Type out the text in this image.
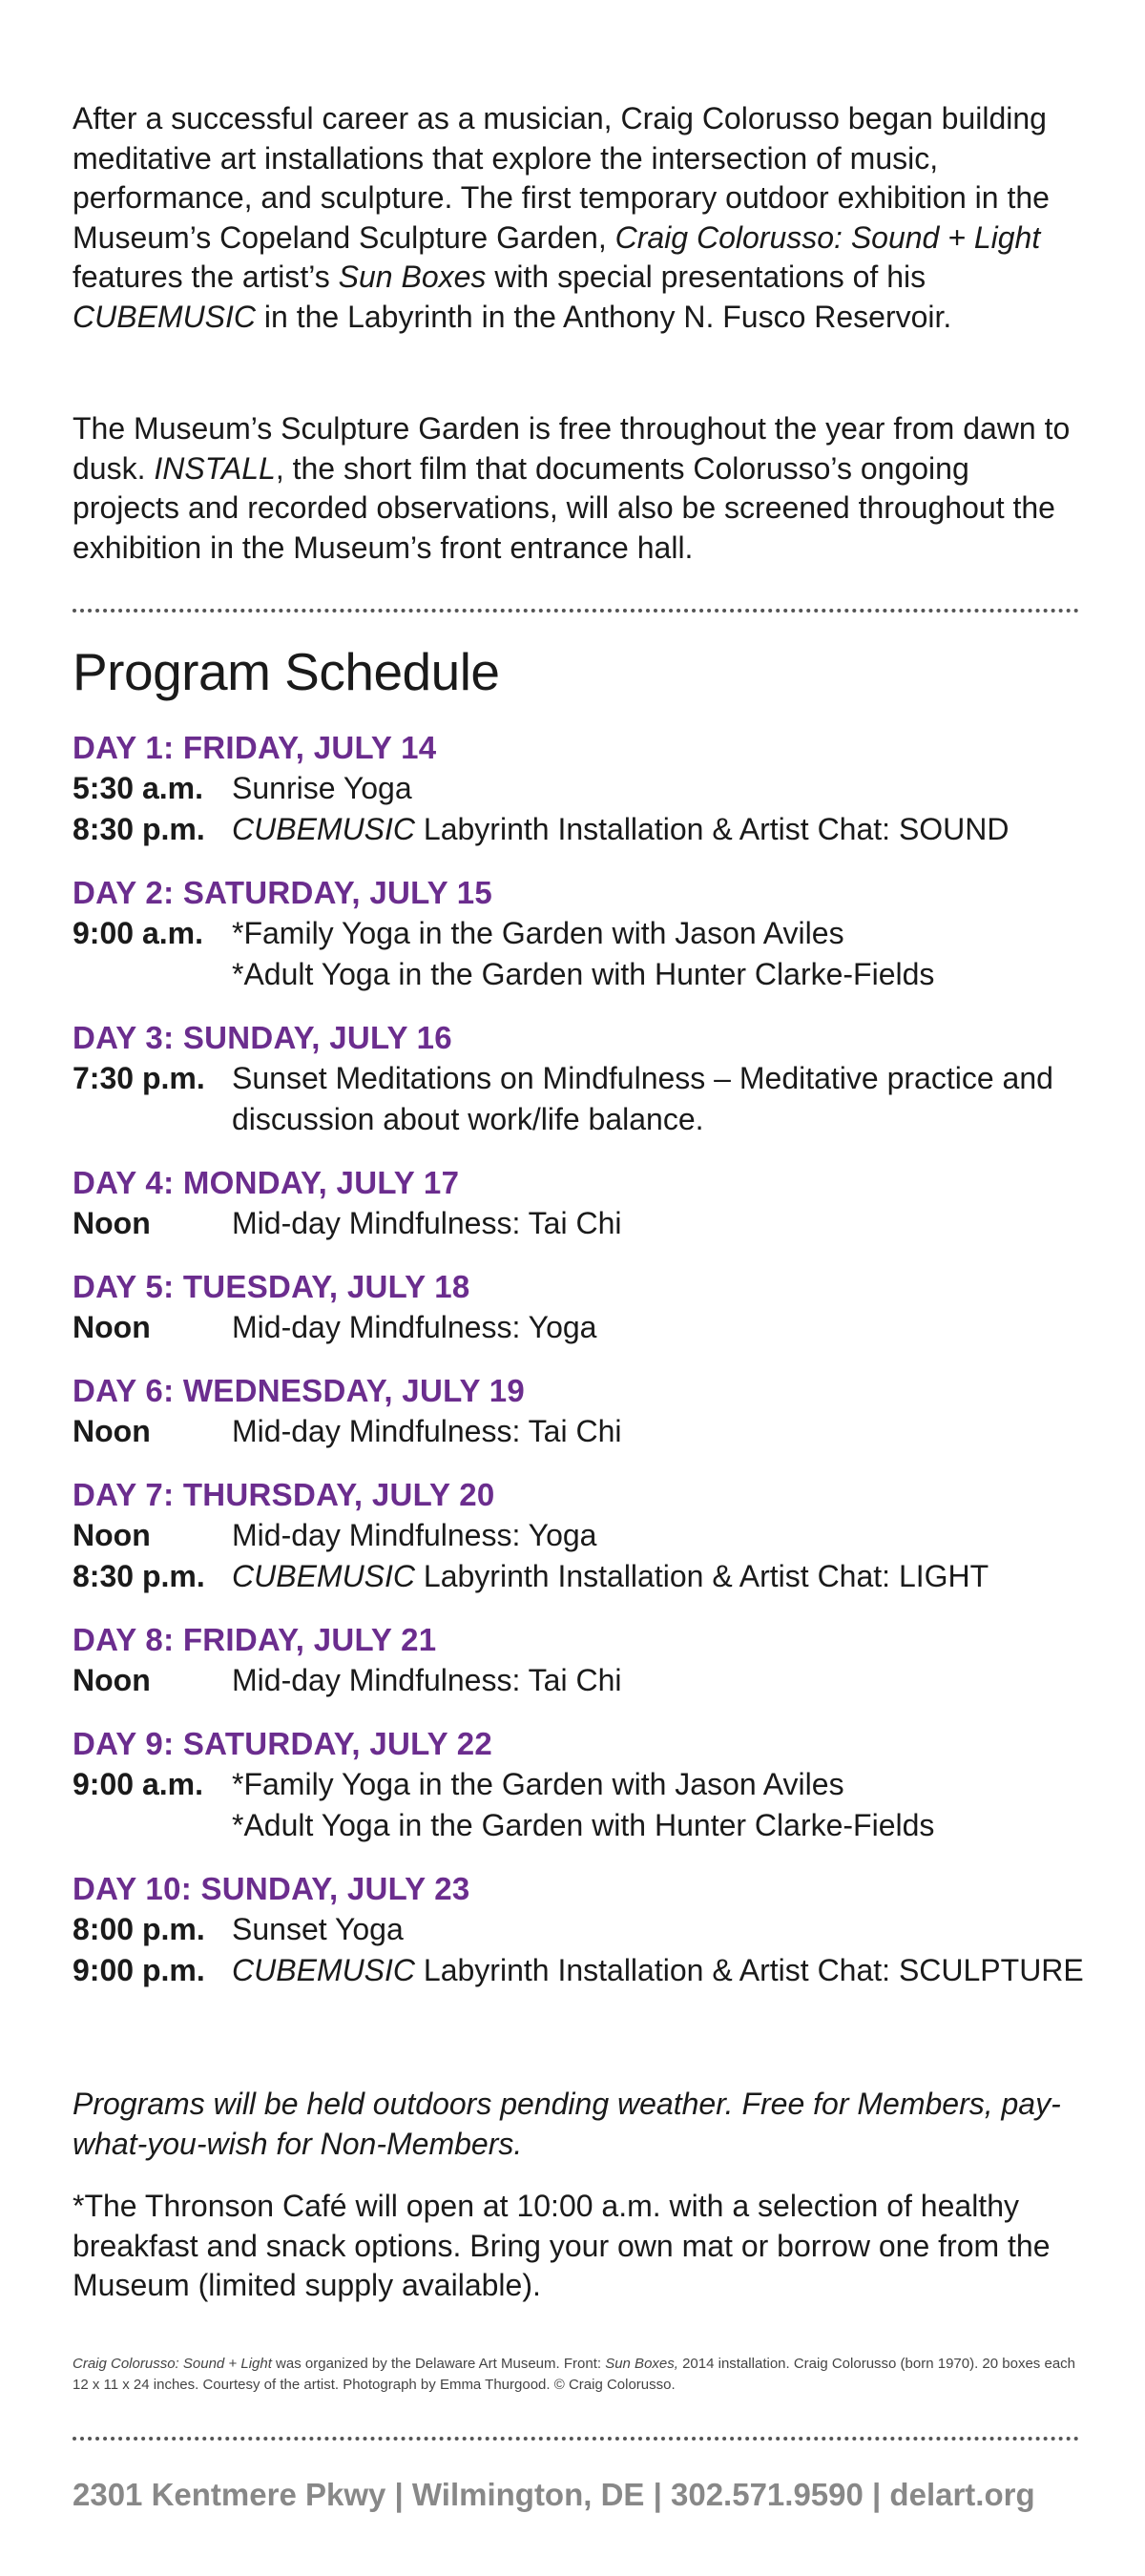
After a successful career as a musician, Craig Colorusso began building meditative art installations that explore the intersection of music, performance, and sculpture. The first temporary outdoor exhibition in the Museum’s Copeland Sculpture Garden, Craig Colorusso: Sound + Light features the artist’s Sun Boxes with special presentations of his CUBEMUSIC in the Labyrinth in the Anthony N. Fusco Reservoir.

The Museum’s Sculpture Garden is free throughout the year from dawn to dusk. INSTALL, the short film that documents Colorusso’s ongoing projects and recorded observations, will also be screened throughout the exhibition in the Museum’s front entrance hall.

Program Schedule
DAY 1: FRIDAY, JULY 14
5:30 a.m. Sunrise Yoga
8:30 p.m. CUBEMUSIC Labyrinth Installation & Artist Chat: SOUND
DAY 2: SATURDAY, JULY 15
9:00 a.m. *Family Yoga in the Garden with Jason Aviles
*Adult Yoga in the Garden with Hunter Clarke-Fields
DAY 3: SUNDAY, JULY 16
7:30 p.m. Sunset Meditations on Mindfulness – Meditative practice and discussion about work/life balance.
DAY 4: MONDAY, JULY 17
Noon	Mid-day Mindfulness: Tai Chi
DAY 5: TUESDAY, JULY 18
Noon	Mid-day Mindfulness: Yoga
DAY 6: WEDNESDAY, JULY 19
Noon	Mid-day Mindfulness: Tai Chi
DAY 7: THURSDAY, JULY 20
Noon	Mid-day Mindfulness: Yoga
8:30 p.m. CUBEMUSIC Labyrinth Installation & Artist Chat: LIGHT
DAY 8: FRIDAY, JULY 21
Noon	Mid-day Mindfulness: Tai Chi
DAY 9: SATURDAY, JULY 22
9:00 a.m. *Family Yoga in the Garden with Jason Aviles
*Adult Yoga in the Garden with Hunter Clarke-Fields
DAY 10: SUNDAY, JULY 23
8:00 p.m. Sunset Yoga
9:00 p.m. CUBEMUSIC Labyrinth Installation & Artist Chat: SCULPTURE

Programs will be held outdoors pending weather. Free for Members, pay-what-you-wish for Non-Members.

*The Thronson Café will open at 10:00 a.m. with a selection of healthy breakfast and snack options. Bring your own mat or borrow one from the Museum (limited supply available).

Craig Colorusso: Sound + Light was organized by the Delaware Art Museum. Front: Sun Boxes, 2014 installation. Craig Colorusso (born 1970). 20 boxes each 12 x 11 x 24 inches. Courtesy of the artist. Photograph by Emma Thurgood. © Craig Colorusso.
2301 Kentmere Pkwy | Wilmington, DE | 302.571.9590 | delart.org
